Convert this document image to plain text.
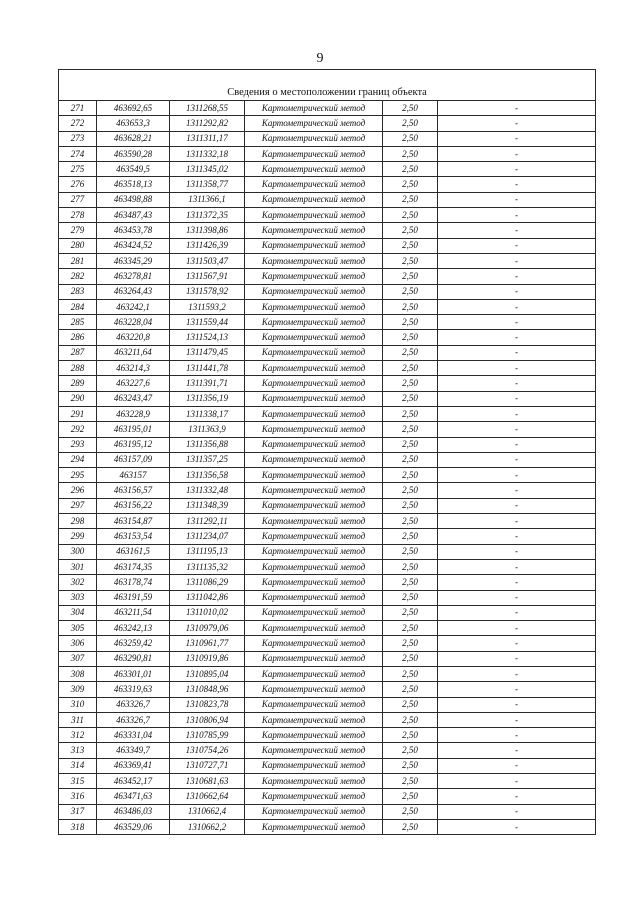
9
Сведения о местоположении границ объекта					
271	463692,65	1311268,55	Картометрический метод	2,50	-
272	463653,3	1311292,82	Картометрический метод	2,50	-
273	463628,21	1311311,17	Картометрический метод	2,50	-
274	463590,28	1311332,18	Картометрический метод	2,50	-
275	463549,5	1311345,02	Картометрический метод	2,50	-
276	463518,13	1311358,77	Картометрический метод	2,50	-
277	463498,88	1311366,1	Картометрический метод	2,50	-
278	463487,43	1311372,35	Картометрический метод	2,50	-
279	463453,78	1311398,86	Картометрический метод	2,50	-
280	463424,52	1311426,39	Картометрический метод	2,50	-
281	463345,29	1311503,47	Картометрический метод	2,50	-
282	463278,81	1311567,91	Картометрический метод	2,50	-
283	463264,43	1311578,92	Картометрический метод	2,50	-
284	463242,1	1311593,2	Картометрический метод	2,50	-
285	463228,04	1311559,44	Картометрический метод	2,50	-
286	463220,8	1311524,13	Картометрический метод	2,50	-
287	463211,64	1311479,45	Картометрический метод	2,50	-
288	463214,3	1311441,78	Картометрический метод	2,50	-
289	463227,6	1311391,71	Картометрический метод	2,50	-
290	463243,47	1311356,19	Картометрический метод	2,50	-
291	463228,9	1311338,17	Картометрический метод	2,50	-
292	463195,01	1311363,9	Картометрический метод	2,50	-
293	463195,12	1311356,88	Картометрический метод	2,50	-
294	463157,09	1311357,25	Картометрический метод	2,50	-
295	463157	1311356,58	Картометрический метод	2,50	-
296	463156,57	1311332,48	Картометрический метод	2,50	-
297	463156,22	1311348,39	Картометрический метод	2,50	-
298	463154,87	1311292,11	Картометрический метод	2,50	-
299	463153,54	1311234,07	Картометрический метод	2,50	-
300	463161,5	1311195,13	Картометрический метод	2,50	-
301	463174,35	1311135,32	Картометрический метод	2,50	-
302	463178,74	1311086,29	Картометрический метод	2,50	-
303	463191,59	1311042,86	Картометрический метод	2,50	-
304	463211,54	1311010,02	Картометрический метод	2,50	-
305	463242,13	1310979,06	Картометрический метод	2,50	-
306	463259,42	1310961,77	Картометрический метод	2,50	-
307	463290,81	1310919,86	Картометрический метод	2,50	-
308	463301,01	1310895,04	Картометрический метод	2,50	-
309	463319,63	1310848,96	Картометрический метод	2,50	-
310	463326,7	1310823,78	Картометрический метод	2,50	-
311	463326,7	1310806,94	Картометрический метод	2,50	-
312	463331,04	1310785,99	Картометрический метод	2,50	-
313	463349,7	1310754,26	Картометрический метод	2,50	-
314	463369,41	1310727,71	Картометрический метод	2,50	-
315	463452,17	1310681,63	Картометрический метод	2,50	-
316	463471,63	1310662,64	Картометрический метод	2,50	-
317	463486,03	1310662,4	Картометрический метод	2,50	-
318	463529,06	1310662,2	Картометрический метод	2,50	-
